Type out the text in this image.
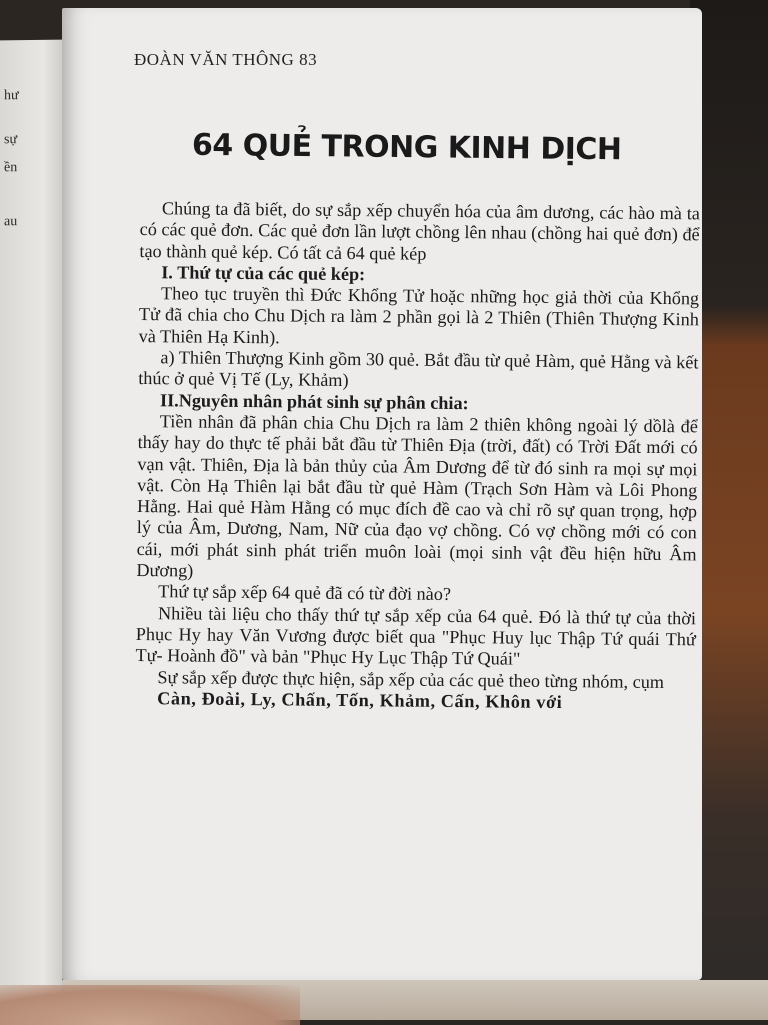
hư
sự
ền
au
ĐOÀN VĂN THÔNG 83
64 QUẺ TRONG KINH DỊCH

Chúng ta đã biết, do sự sắp xếp chuyển hóa của âm dương, các hào mà ta có các quẻ đơn. Các quẻ đơn lần lượt chồng lên nhau (chồng hai quẻ đơn) để tạo thành quẻ kép. Có tất cả 64 quẻ kép

I. Thứ tự của các quẻ kép:

Theo tục truyền thì Đức Khổng Tử hoặc những học giả thời của Khổng Tử đã chia cho Chu Dịch ra làm 2 phần gọi là 2 Thiên (Thiên Thượng Kinh và Thiên Hạ Kinh).

a) Thiên Thượng Kinh gồm 30 quẻ. Bắt đầu từ quẻ Hàm, quẻ Hằng và kết thúc ở quẻ Vị Tế (Ly, Khảm)

II.Nguyên nhân phát sinh sự phân chia:

Tiền nhân đã phân chia Chu Dịch ra làm 2 thiên không ngoài lý dồlà để thấy hay do thực tế phải bắt đầu từ Thiên Địa (trời, đất) có Trời Đất mới có vạn vật. Thiên, Địa là bản thủy của Âm Dương để từ đó sinh ra mọi sự mọi vật. Còn Hạ Thiên lại bắt đầu từ quẻ Hàm (Trạch Sơn Hàm và Lôi Phong Hằng. Hai quẻ Hàm Hằng có mục đích đề cao và chỉ rõ sự quan trọng, hợp lý của Âm, Dương, Nam, Nữ của đạo vợ chồng. Có vợ chồng mới có con cái, mới phát sinh phát triển muôn loài (mọi sinh vật đều hiện hữu Âm Dương)

Thứ tự sắp xếp 64 quẻ đã có từ đời nào?

Nhiều tài liệu cho thấy thứ tự sắp xếp của 64 quẻ. Đó là thứ tự của thời Phục Hy hay Văn Vương được biết qua "Phục Huy lục Thập Tứ quái Thứ Tự- Hoành đồ" và bản "Phục Hy Lục Thập Tứ Quái"

Sự sắp xếp được thực hiện, sắp xếp của các quẻ theo từng nhóm, cụm

Càn, Đoài, Ly, Chấn, Tốn, Khảm, Cấn, Khôn với
